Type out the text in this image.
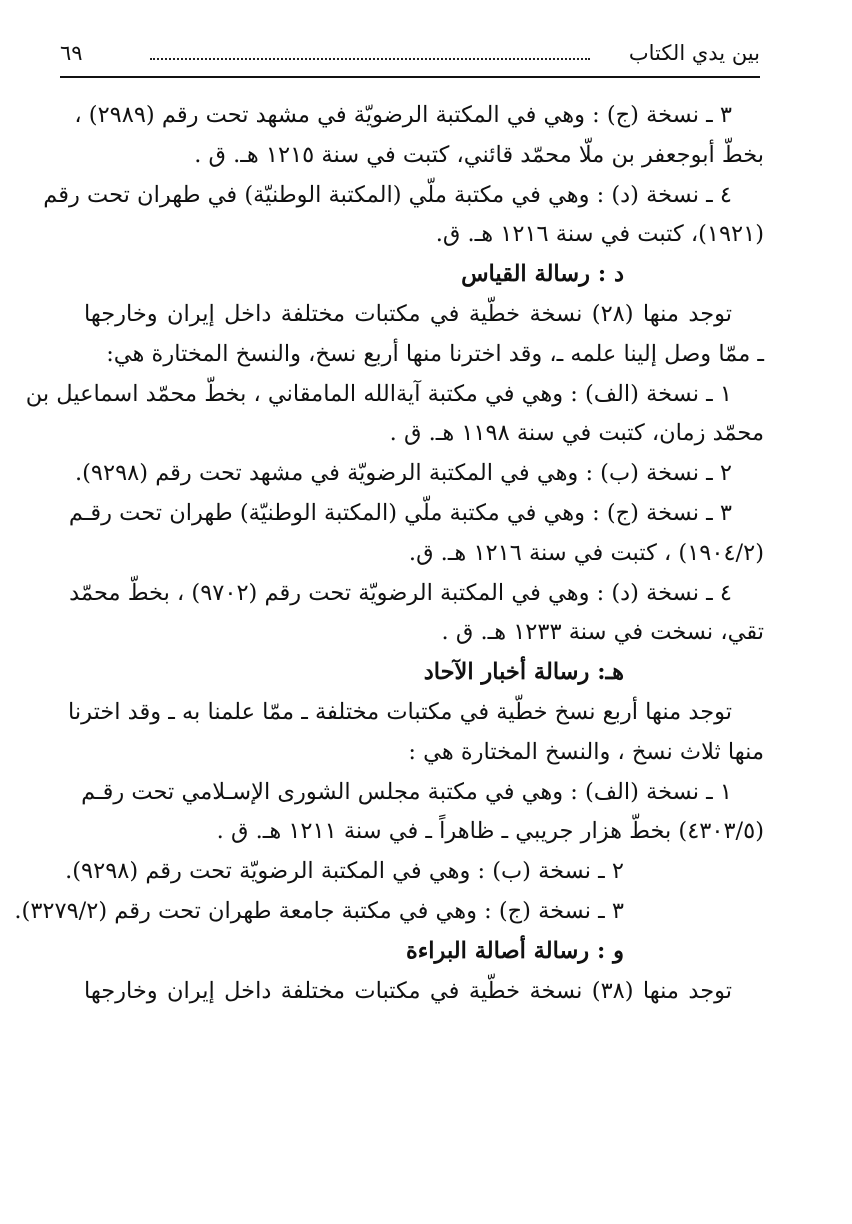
بين يدي الكتاب
٦٩
٣ ـ نسخة (ج) : وهي في المكتبة الرضويّة في مشهد تحت رقم (٢٩٨٩) ،
بخطّ أبوجعفر بن ملّا محمّد قائني، كتبت في سنة ١٢١٥ هـ. ق .
٤ ـ نسخة (د) : وهي في مكتبة ملّي (المكتبة الوطنيّة) في طهران تحت رقم
(١٩٢١)، كتبت في سنة ١٢١٦ هـ. ق.
د : رسالة القياس
توجد منها (٢٨) نسخة خطّية في مكتبات مختلفة داخل إيران وخارجها
ـ ممّا وصل إلينا علمه ـ، وقد اخترنا منها أربع نسخ، والنسخ المختارة هي:
١ ـ نسخة (الف) : وهي في مكتبة آية‌الله المامقاني ، بخطّ محمّد اسماعيل بن
محمّد زمان، كتبت في سنة ١١٩٨ هـ. ق .
٢ ـ نسخة (ب) : وهي في المكتبة الرضويّة في مشهد تحت رقم (٩٢٩٨).
٣ ـ نسخة (ج) : وهي في مكتبة ملّي (المكتبة الوطنيّة) طهران تحت رقـم
(١٩٠٤/٢) ، كتبت في سنة ١٢١٦ هـ. ق.
٤ ـ نسخة (د) : وهي في المكتبة الرضويّة تحت رقم (٩٧٠٢) ، بخطّ محمّد
تقي، نسخت في سنة ١٢٣٣ هـ. ق .
هـ: رسالة أخبار الآحاد
توجد منها أربع نسخ خطّية في مكتبات مختلفة ـ ممّا علمنا به ـ وقد اخترنا
منها ثلاث نسخ ، والنسخ المختارة هي :
١ ـ نسخة (الف) : وهي في مكتبة مجلس الشورى الإسـلامي تحت رقـم
(٤٣٠٣/٥) بخطّ هزار جريبي ـ ظاهراً ـ في سنة ١٢١١ هـ. ق .
٢ ـ نسخة (ب) : وهي في المكتبة الرضويّة تحت رقم (٩٢٩٨).
٣ ـ نسخة (ج) : وهي في مكتبة جامعة طهران تحت رقم (٣٢٧٩/٢).
و : رسالة أصالة البراءة
توجد منها (٣٨) نسخة خطّية في مكتبات مختلفة داخل إيران وخارجها
